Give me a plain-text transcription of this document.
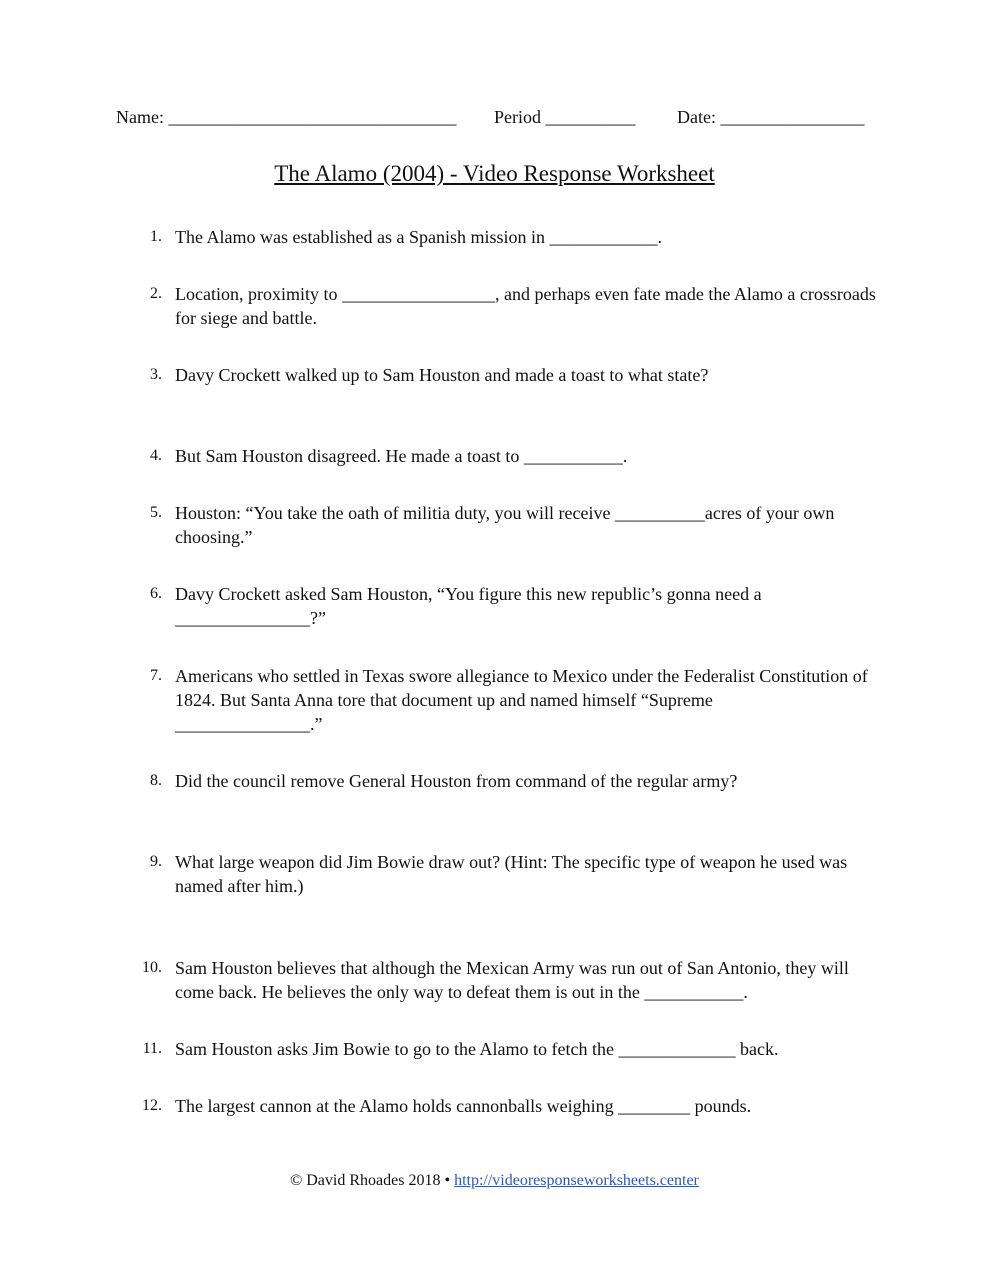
Name: ________________________________ Period __________ Date: ________________
The Alamo (2004) - Video Response Worksheet
1. The Alamo was established as a Spanish mission in ____________.
2. Location, proximity to _________________, and perhaps even fate made the Alamo a crossroads for siege and battle.
3. Davy Crockett walked up to Sam Houston and made a toast to what state?
4. But Sam Houston disagreed. He made a toast to ___________.
5. Houston: “You take the oath of militia duty, you will receive __________acres of your own choosing.”
6. Davy Crockett asked Sam Houston, “You figure this new republic’s gonna need a
_______________?”
7. Americans who settled in Texas swore allegiance to Mexico under the Federalist Constitution of 1824. But Santa Anna tore that document up and named himself “Supreme
_______________.”
8. Did the council remove General Houston from command of the regular army?
9. What large weapon did Jim Bowie draw out? (Hint: The specific type of weapon he used was named after him.)
10. Sam Houston believes that although the Mexican Army was run out of San Antonio, they will come back. He believes the only way to defeat them is out in the ___________.
11. Sam Houston asks Jim Bowie to go to the Alamo to fetch the _____________ back.
12. The largest cannon at the Alamo holds cannonballs weighing ________ pounds.
© David Rhoades 2018 • http://videoresponseworksheets.center
